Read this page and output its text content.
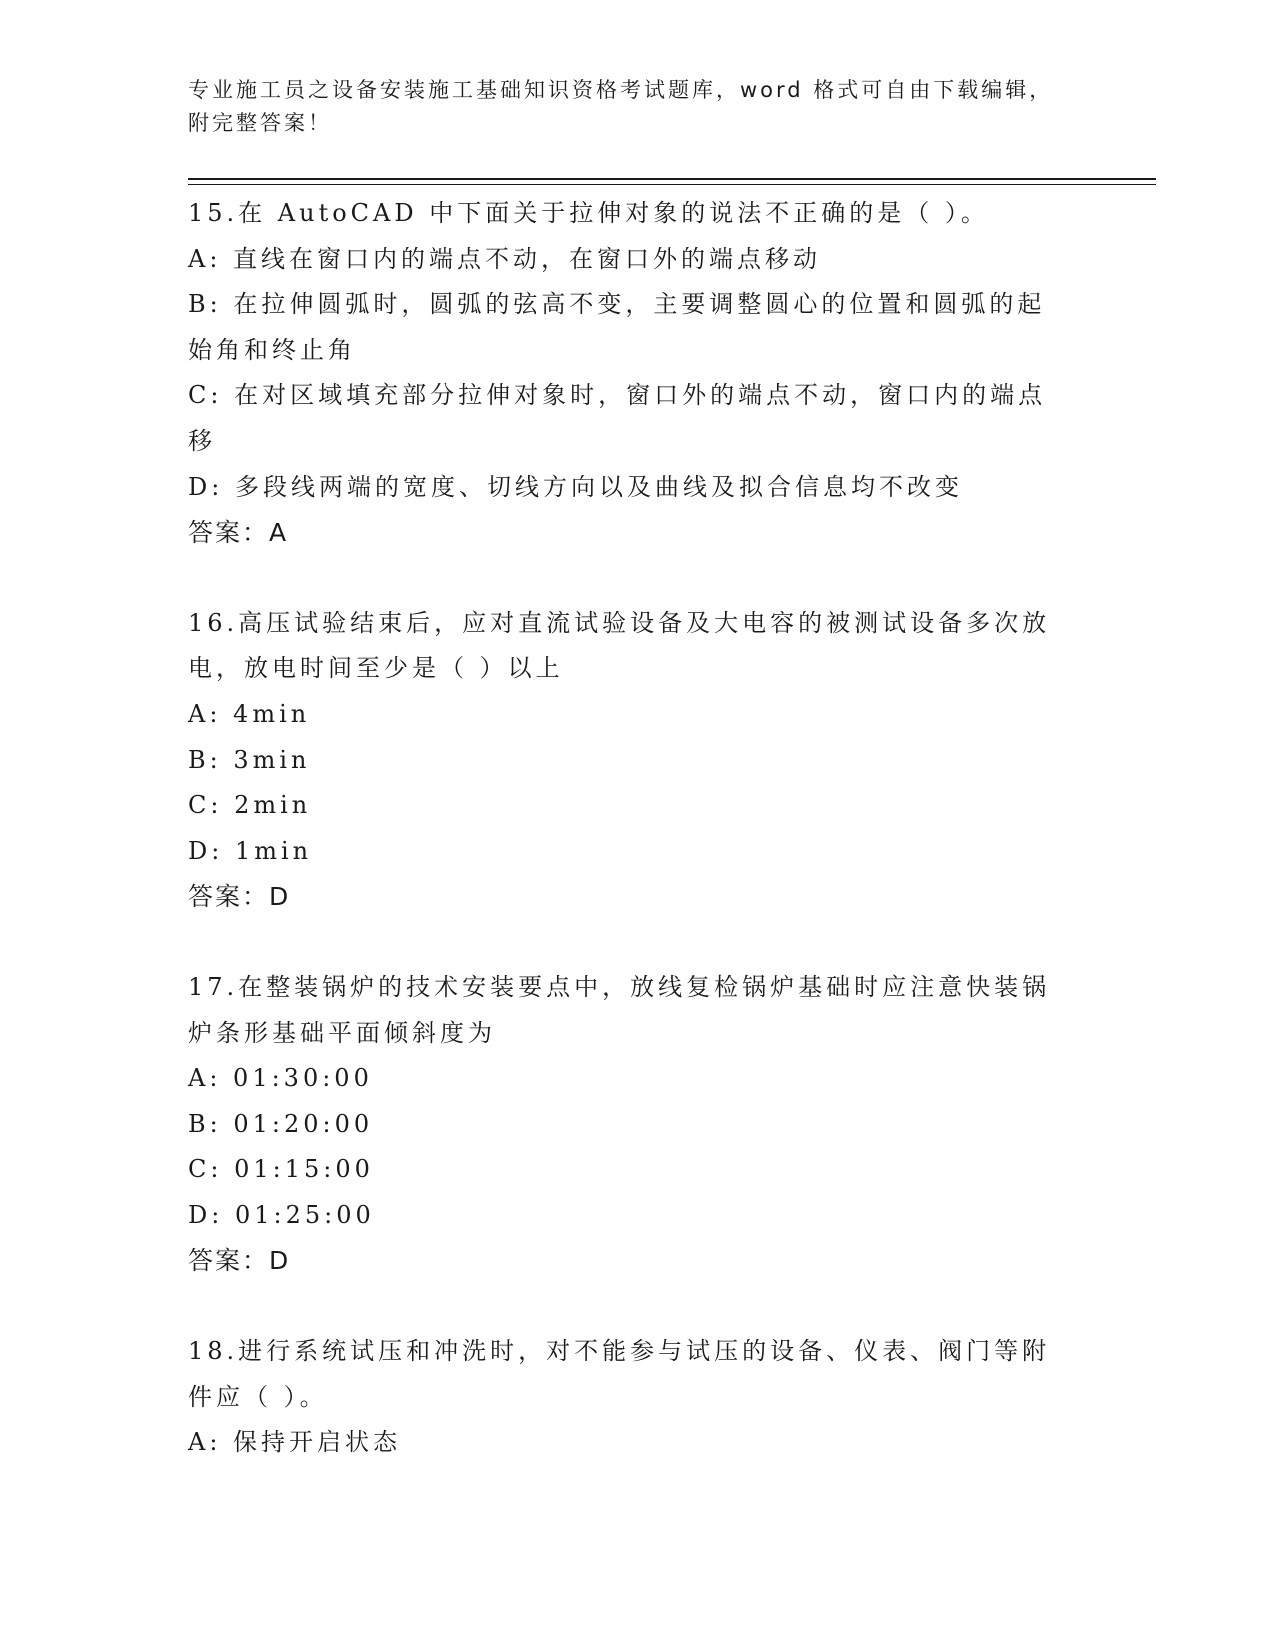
专业施工员之设备安装施工基础知识资格考试题库，word 格式可自由下载编辑，
附完整答案！
15.在 AutoCAD 中下面关于拉伸对象的说法不正确的是（ ）。
A: 直线在窗口内的端点不动，在窗口外的端点移动
B: 在拉伸圆弧时，圆弧的弦高不变，主要调整圆心的位置和圆弧的起
始角和终止角
C: 在对区域填充部分拉伸对象时，窗口外的端点不动，窗口内的端点
移
D: 多段线两端的宽度、切线方向以及曲线及拟合信息均不改变
答案：A
16.高压试验结束后，应对直流试验设备及大电容的被测试设备多次放
电，放电时间至少是（ ）以上
A: 4min
B: 3min
C: 2min
D: 1min
答案：D
17.在整装锅炉的技术安装要点中，放线复检锅炉基础时应注意快装锅
炉条形基础平面倾斜度为
A: 01:30:00
B: 01:20:00
C: 01:15:00
D: 01:25:00
答案：D
18.进行系统试压和冲洗时，对不能参与试压的设备、仪表、阀门等附
件应（ ）。
A: 保持开启状态
